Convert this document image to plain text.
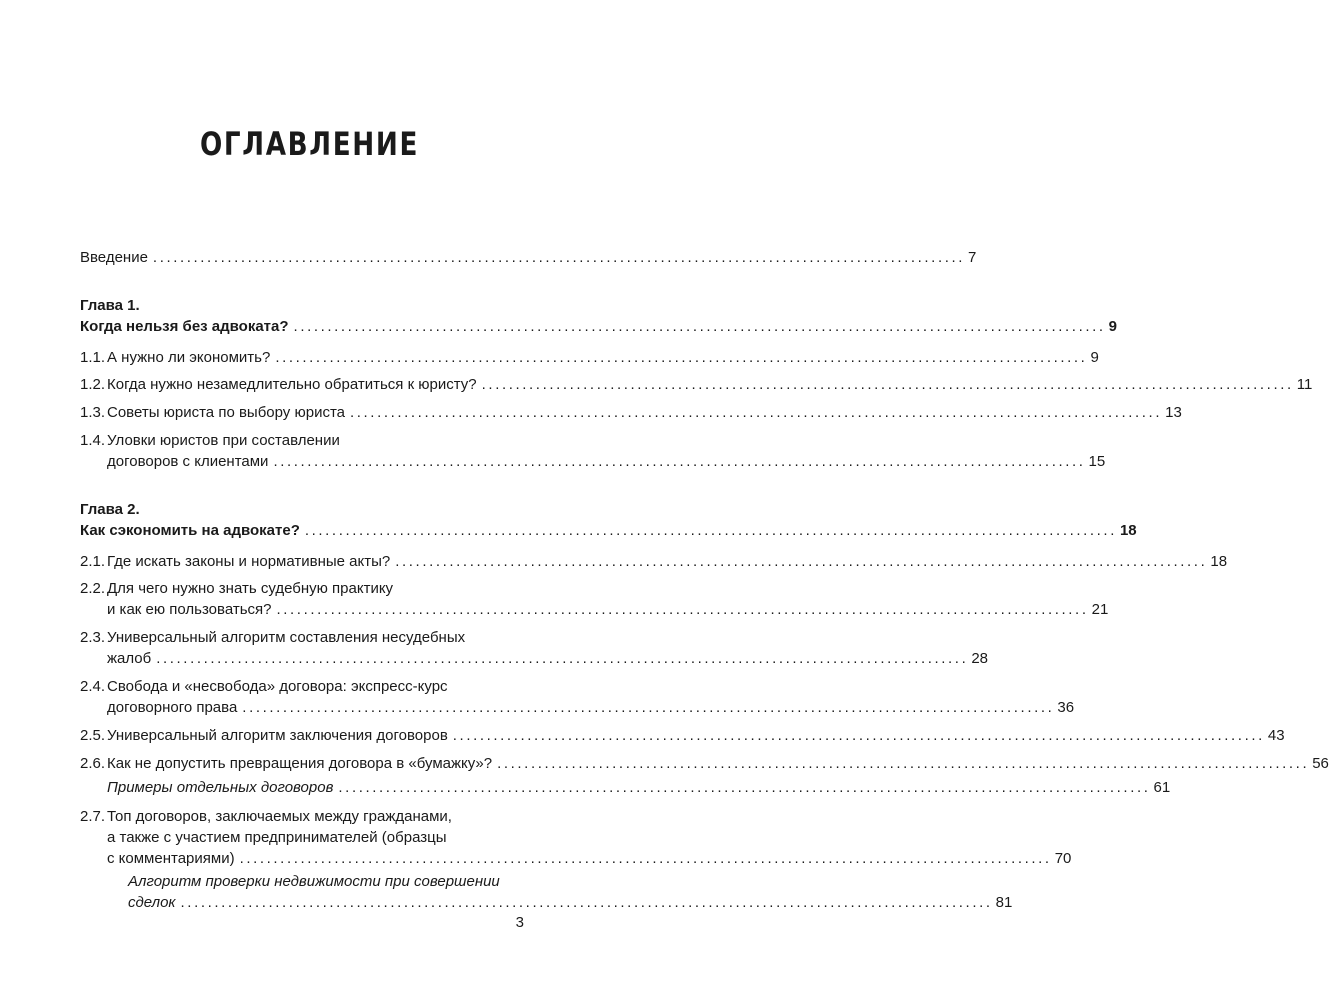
ОГЛАВЛЕНИЕ
Введение ........................................................................................................................ 7
Глава 1.
Когда нельзя без адвоката? ........................................................................................................................ 9
1.1. А нужно ли экономить? ........................................................................................................................ 9
1.2. Когда нужно незамедлительно обратиться к юристу? ........................................................................................................................ 11
1.3. Советы юриста по выбору юриста ........................................................................................................................ 13
1.4. Уловки юристов при составлении
договоров с клиентами ........................................................................................................................ 15
Глава 2.
Как сэкономить на адвокате? ........................................................................................................................ 18
2.1. Где искать законы и нормативные акты? ........................................................................................................................ 18
2.2. Для чего нужно знать судебную практику
и как ею пользоваться? ........................................................................................................................ 21
2.3. Универсальный алгоритм составления несудебных
жалоб ........................................................................................................................ 28
2.4. Свобода и «несвобода» договора: экспресс-курс
договорного права ........................................................................................................................ 36
2.5. Универсальный алгоритм заключения договоров ........................................................................................................................ 43
2.6. Как не допустить превращения договора в «бумажку»? ........................................................................................................................ 56
Примеры отдельных договоров ........................................................................................................................ 61
2.7. Топ договоров, заключаемых между гражданами,
а также с участием предпринимателей (образцы
с комментариями) ........................................................................................................................ 70
Алгоритм проверки недвижимости при совершении
сделок ........................................................................................................................ 81
3
